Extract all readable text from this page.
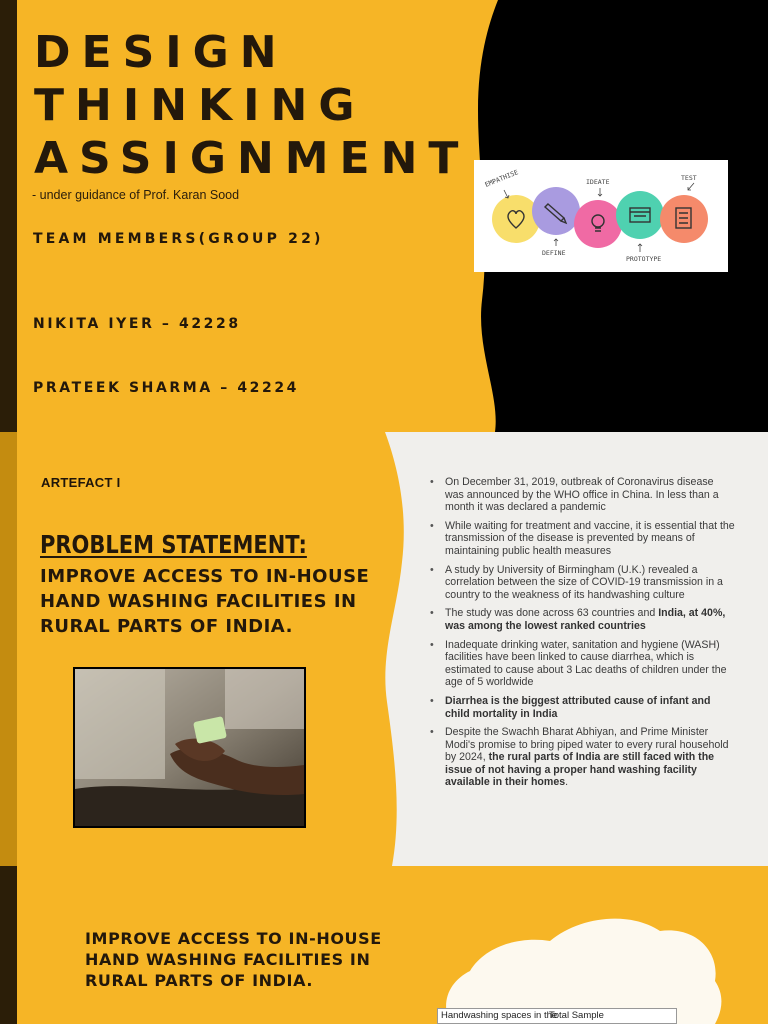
DESIGN
THINKING
ASSIGNMENT
- under guidance of Prof. Karan Sood
TEAM MEMBERS(GROUP 22)

NIKITA IYER – 42228

PRATEEK SHARMA – 42224

EMPATHISE
DEFINE
IDEATE
PROTOTYPE
TEST
ARTEFACT I
PROBLEM STATEMENT:

IMPROVE ACCESS TO IN-HOUSE HAND WASHING FACILITIES IN RURAL PARTS OF INDIA.

• On December 31, 2019, outbreak of Coronavirus disease was announced by the WHO office in China. In less than a month it was declared a pandemic
• While waiting for treatment and vaccine, it is essential that the transmission of the disease is prevented by means of maintaining public health measures
• A study by University of Birmingham (U.K.) revealed a correlation between the size of COVID-19 transmission in a country to the weakness of its handwashing culture
• The study was done across 63 countries and India, at 40%, was among the lowest ranked countries
• Inadequate drinking water, sanitation and hygiene (WASH) facilities have been linked to cause diarrhea, which is estimated to cause about 3 Lac deaths of children under the age of 5 worldwide
• Diarrhea is the biggest attributed cause of infant and child mortality in India
• Despite the Swachh Bharat Abhiyan, and Prime Minister Modi's promise to bring piped water to every rural household by 2024, the rural parts of India are still faced with the issue of not having a proper hand washing facility available in their homes.

IMPROVE ACCESS TO IN-HOUSE HAND WASHING FACILITIES IN RURAL PARTS OF INDIA.

Handwashing spaces in the
Total Sample
